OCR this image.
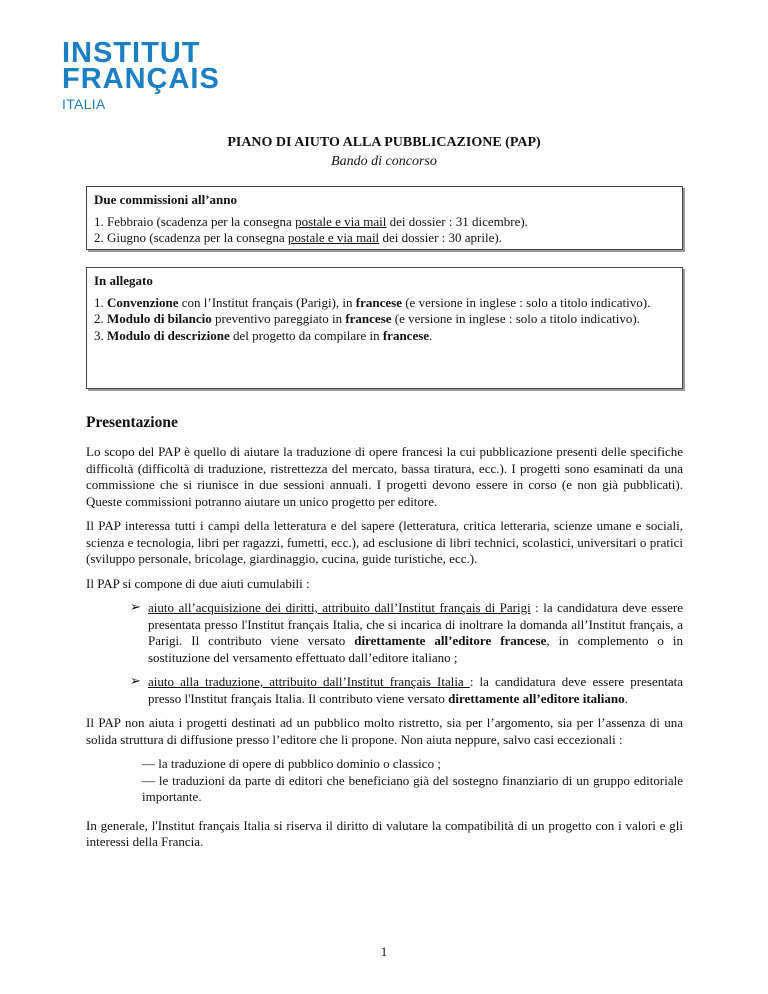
INSTITUT
FRANÇAIS
ITALIA
PIANO DI AIUTO ALLA PUBBLICAZIONE (PAP)
Bando di concorso
Due commissioni all’anno
1. Febbraio (scadenza per la consegna postale e via mail dei dossier : 31 dicembre).
2. Giugno (scadenza per la consegna postale e via mail dei dossier : 30 aprile).
In allegato
1. Convenzione con l’Institut français (Parigi), in francese (e versione in inglese : solo a titolo indicativo).
2. Modulo di bilancio preventivo pareggiato in francese (e versione in inglese : solo a titolo indicativo).
3. Modulo di descrizione del progetto da compilare in francese.
Presentazione

Lo scopo del PAP è quello di aiutare la traduzione di opere francesi la cui pubblicazione presenti delle specifiche difficoltà (difficoltà di traduzione, ristrettezza del mercato, bassa tiratura, ecc.). I progetti sono esaminati da una commissione che si riunisce in due sessioni annuali. I progetti devono essere in corso (e non già pubblicati). Queste commissioni potranno aiutare un unico progetto per editore.

Il PAP interessa tutti i campi della letteratura e del sapere (letteratura, critica letteraria, scienze umane e sociali, scienza e tecnologia, libri per ragazzi, fumetti, ecc.), ad esclusione di libri technici, scolastici, universitari o pratici (sviluppo personale, bricolage, giardinaggio, cucina, guide turistiche, ecc.).

Il PAP si compone di due aiuti cumulabili :

➢ aiuto all’acquisizione dei diritti, attribuito dall’Institut français di Parigi : la candidatura deve essere presentata presso l'Institut français Italia, che si incarica di inoltrare la domanda all’Institut français, a Parigi. Il contributo viene versato direttamente all’editore francese, in complemento o in sostituzione del versamento effettuato dall’editore italiano ;
➢ aiuto alla traduzione, attribuito dall’Institut français Italia : la candidatura deve essere presentata presso l'Institut français Italia. Il contributo viene versato direttamente all’editore italiano.

Il PAP non aiuta i progetti destinati ad un pubblico molto ristretto, sia per l’argomento, sia per l’assenza di una solida struttura di diffusione presso l’editore che li propone. Non aiuta neppure, salvo casi eccezionali :

— la traduzione di opere di pubblico dominio o classico ;
— le traduzioni da parte di editori che beneficiano già del sostegno finanziario di un gruppo editoriale importante.

In generale, l'Institut français Italia si riserva il diritto di valutare la compatibilità di un progetto con i valori e gli interessi della Francia.

1
